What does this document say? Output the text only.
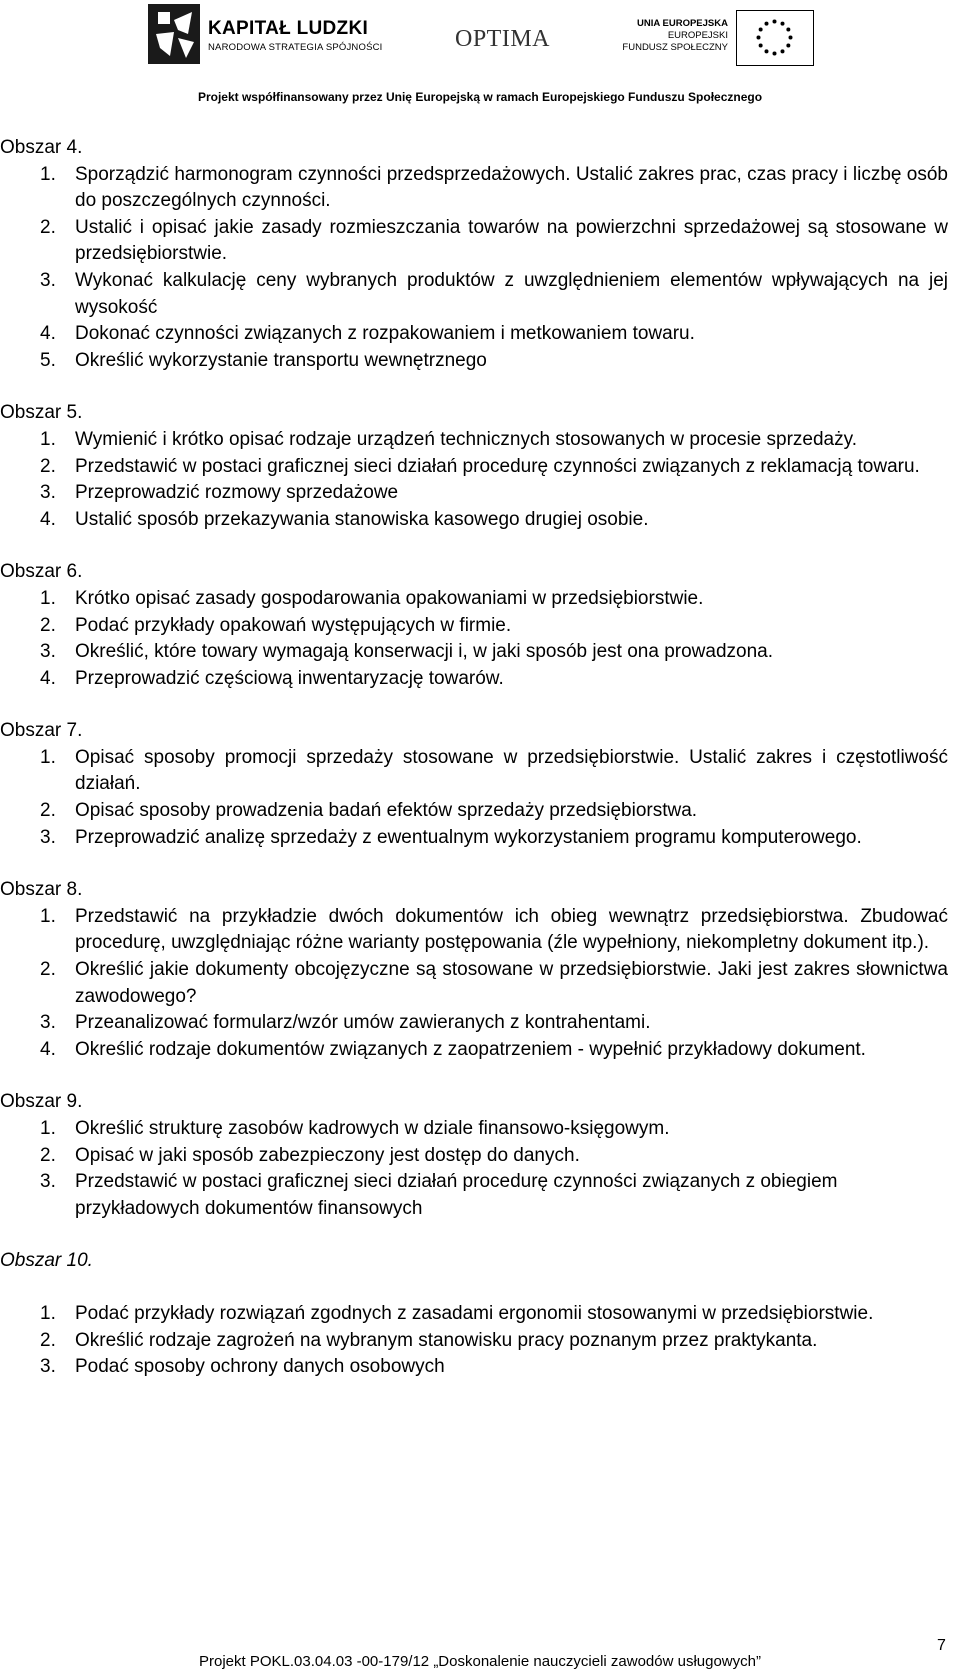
KAPITAŁ LUDZKI
NARODOWA STRATEGIA SPÓJNOŚCI	OPTIMA
UNIA EUROPEJSKA
EUROPEJSKI
FUNDUSZ SPOŁECZNY
Projekt współfinansowany przez Unię Europejską w ramach Europejskiego Funduszu Społecznego
Obszar 4.
1. Sporządzić harmonogram czynności przedsprzedażowych. Ustalić zakres prac, czas pracy i liczbę osób do poszczególnych czynności.
2. Ustalić i opisać jakie zasady rozmieszczania towarów na powierzchni sprzedażowej są stosowane w przedsiębiorstwie.
3. Wykonać kalkulację ceny wybranych produktów z uwzględnieniem elementów wpływających na jej wysokość
4. Dokonać czynności związanych z rozpakowaniem i metkowaniem towaru.
5. Określić wykorzystanie transportu wewnętrznego
Obszar 5.
1. Wymienić i krótko opisać rodzaje urządzeń technicznych stosowanych w procesie sprzedaży.
2. Przedstawić w postaci graficznej sieci działań procedurę czynności związanych z reklamacją towaru.
3. Przeprowadzić rozmowy sprzedażowe
4. Ustalić sposób przekazywania stanowiska kasowego drugiej osobie.
Obszar 6.
1. Krótko opisać zasady gospodarowania opakowaniami w przedsiębiorstwie.
2. Podać przykłady opakowań występujących w firmie.
3. Określić, które towary wymagają konserwacji i, w jaki sposób jest ona prowadzona.
4. Przeprowadzić częściową inwentaryzację towarów.
Obszar 7.
1. Opisać sposoby promocji sprzedaży stosowane w przedsiębiorstwie. Ustalić zakres i częstotliwość działań.
2. Opisać sposoby prowadzenia badań efektów sprzedaży przedsiębiorstwa.
3. Przeprowadzić analizę sprzedaży z ewentualnym wykorzystaniem programu komputerowego.
Obszar 8.
1. Przedstawić na przykładzie dwóch dokumentów ich obieg wewnątrz przedsiębiorstwa. Zbudować procedurę, uwzględniając różne warianty postępowania (źle wypełniony, niekompletny dokument itp.).
2. Określić jakie dokumenty obcojęzyczne są stosowane w przedsiębiorstwie. Jaki jest zakres słownictwa zawodowego?
3. Przeanalizować formularz/wzór umów zawieranych z kontrahentami.
4. Określić rodzaje dokumentów związanych z zaopatrzeniem - wypełnić przykładowy dokument.
Obszar 9.
1. Określić strukturę zasobów kadrowych w dziale finansowo-księgowym.
2. Opisać w jaki sposób zabezpieczony jest dostęp do danych.
3. Przedstawić w postaci graficznej sieci działań procedurę czynności związanych z obiegiem przykładowych dokumentów finansowych
Obszar 10.
1. Podać przykłady rozwiązań zgodnych z zasadami ergonomii stosowanymi w przedsiębiorstwie.
2. Określić rodzaje zagrożeń na wybranym stanowisku pracy poznanym przez praktykanta.
3. Podać sposoby ochrony danych osobowych
7
Projekt POKL.03.04.03 -00-179/12 „Doskonalenie nauczycieli zawodów usługowych”
